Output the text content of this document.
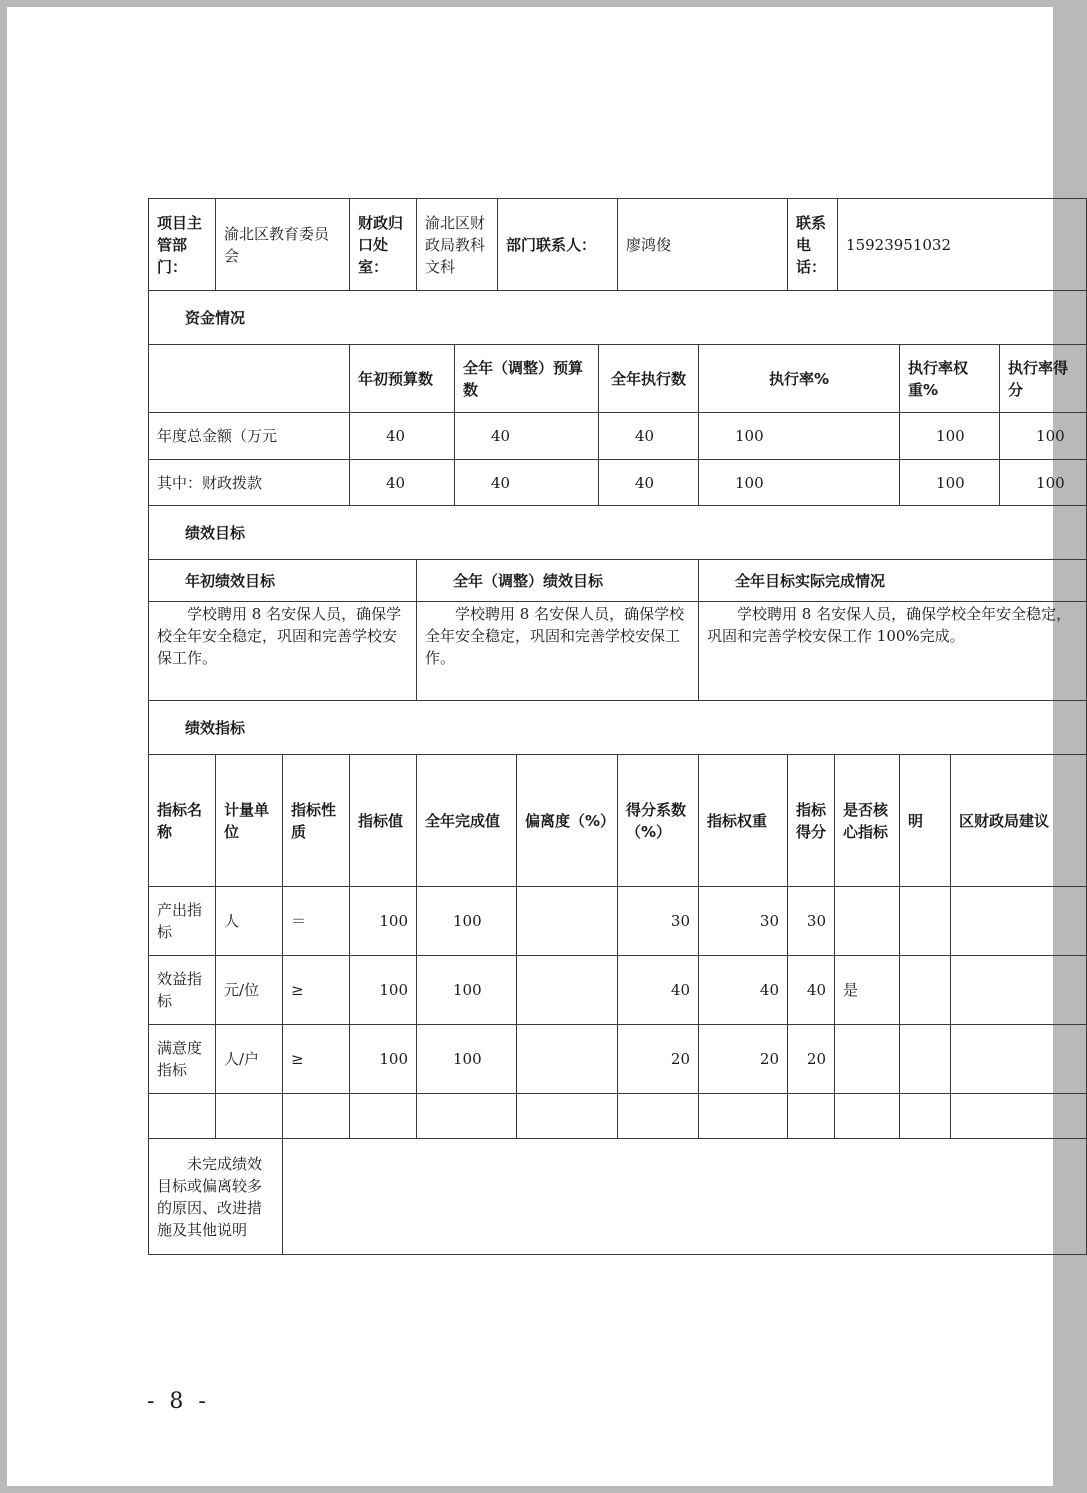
项目主管部门：	渝北区教育委员会		财政归口处室：	渝北区财政局教科文科		部门联系人：			廖鸿俊		联系电话：		15923951032			
资金情况																
			年初预算数		全年（调整）预算数			全年执行数		执行率%				执行率权重%		执行率得分
年度总金额（万元			40		40			40		100				100		100
其中：财政拨款			40		40			40		100				100		100
绩效目标																
年初绩效目标				全年（调整）绩效目标						全年目标实际完成情况						
学校聘用 8 名安保人员，确保学校全年安全稳定，巩固和完善学校安保工作。				学校聘用 8 名安保人员，确保学校全年安全稳定，巩固和完善学校安保工作。						学校聘用 8 名安保人员，确保学校全年安全稳定，巩固和完善学校安保工作 100%完成。						
绩效指标																
指标名称	计量单位	指标性质	指标值	全年完成值			偏离度（%）		得分系数（%）	指标权重	指标得分	是否核心指标		明	区财政局建议	
产出指标	人	＝	100	100					30	30	30					
效益指标	元/位	≥	100	100					40	40	40	是				
满意度指标	人/户	≥	100	100					20	20	20					

未完成绩效目标或偏离较多的原因、改进措施及其他说明																
- 8 -
